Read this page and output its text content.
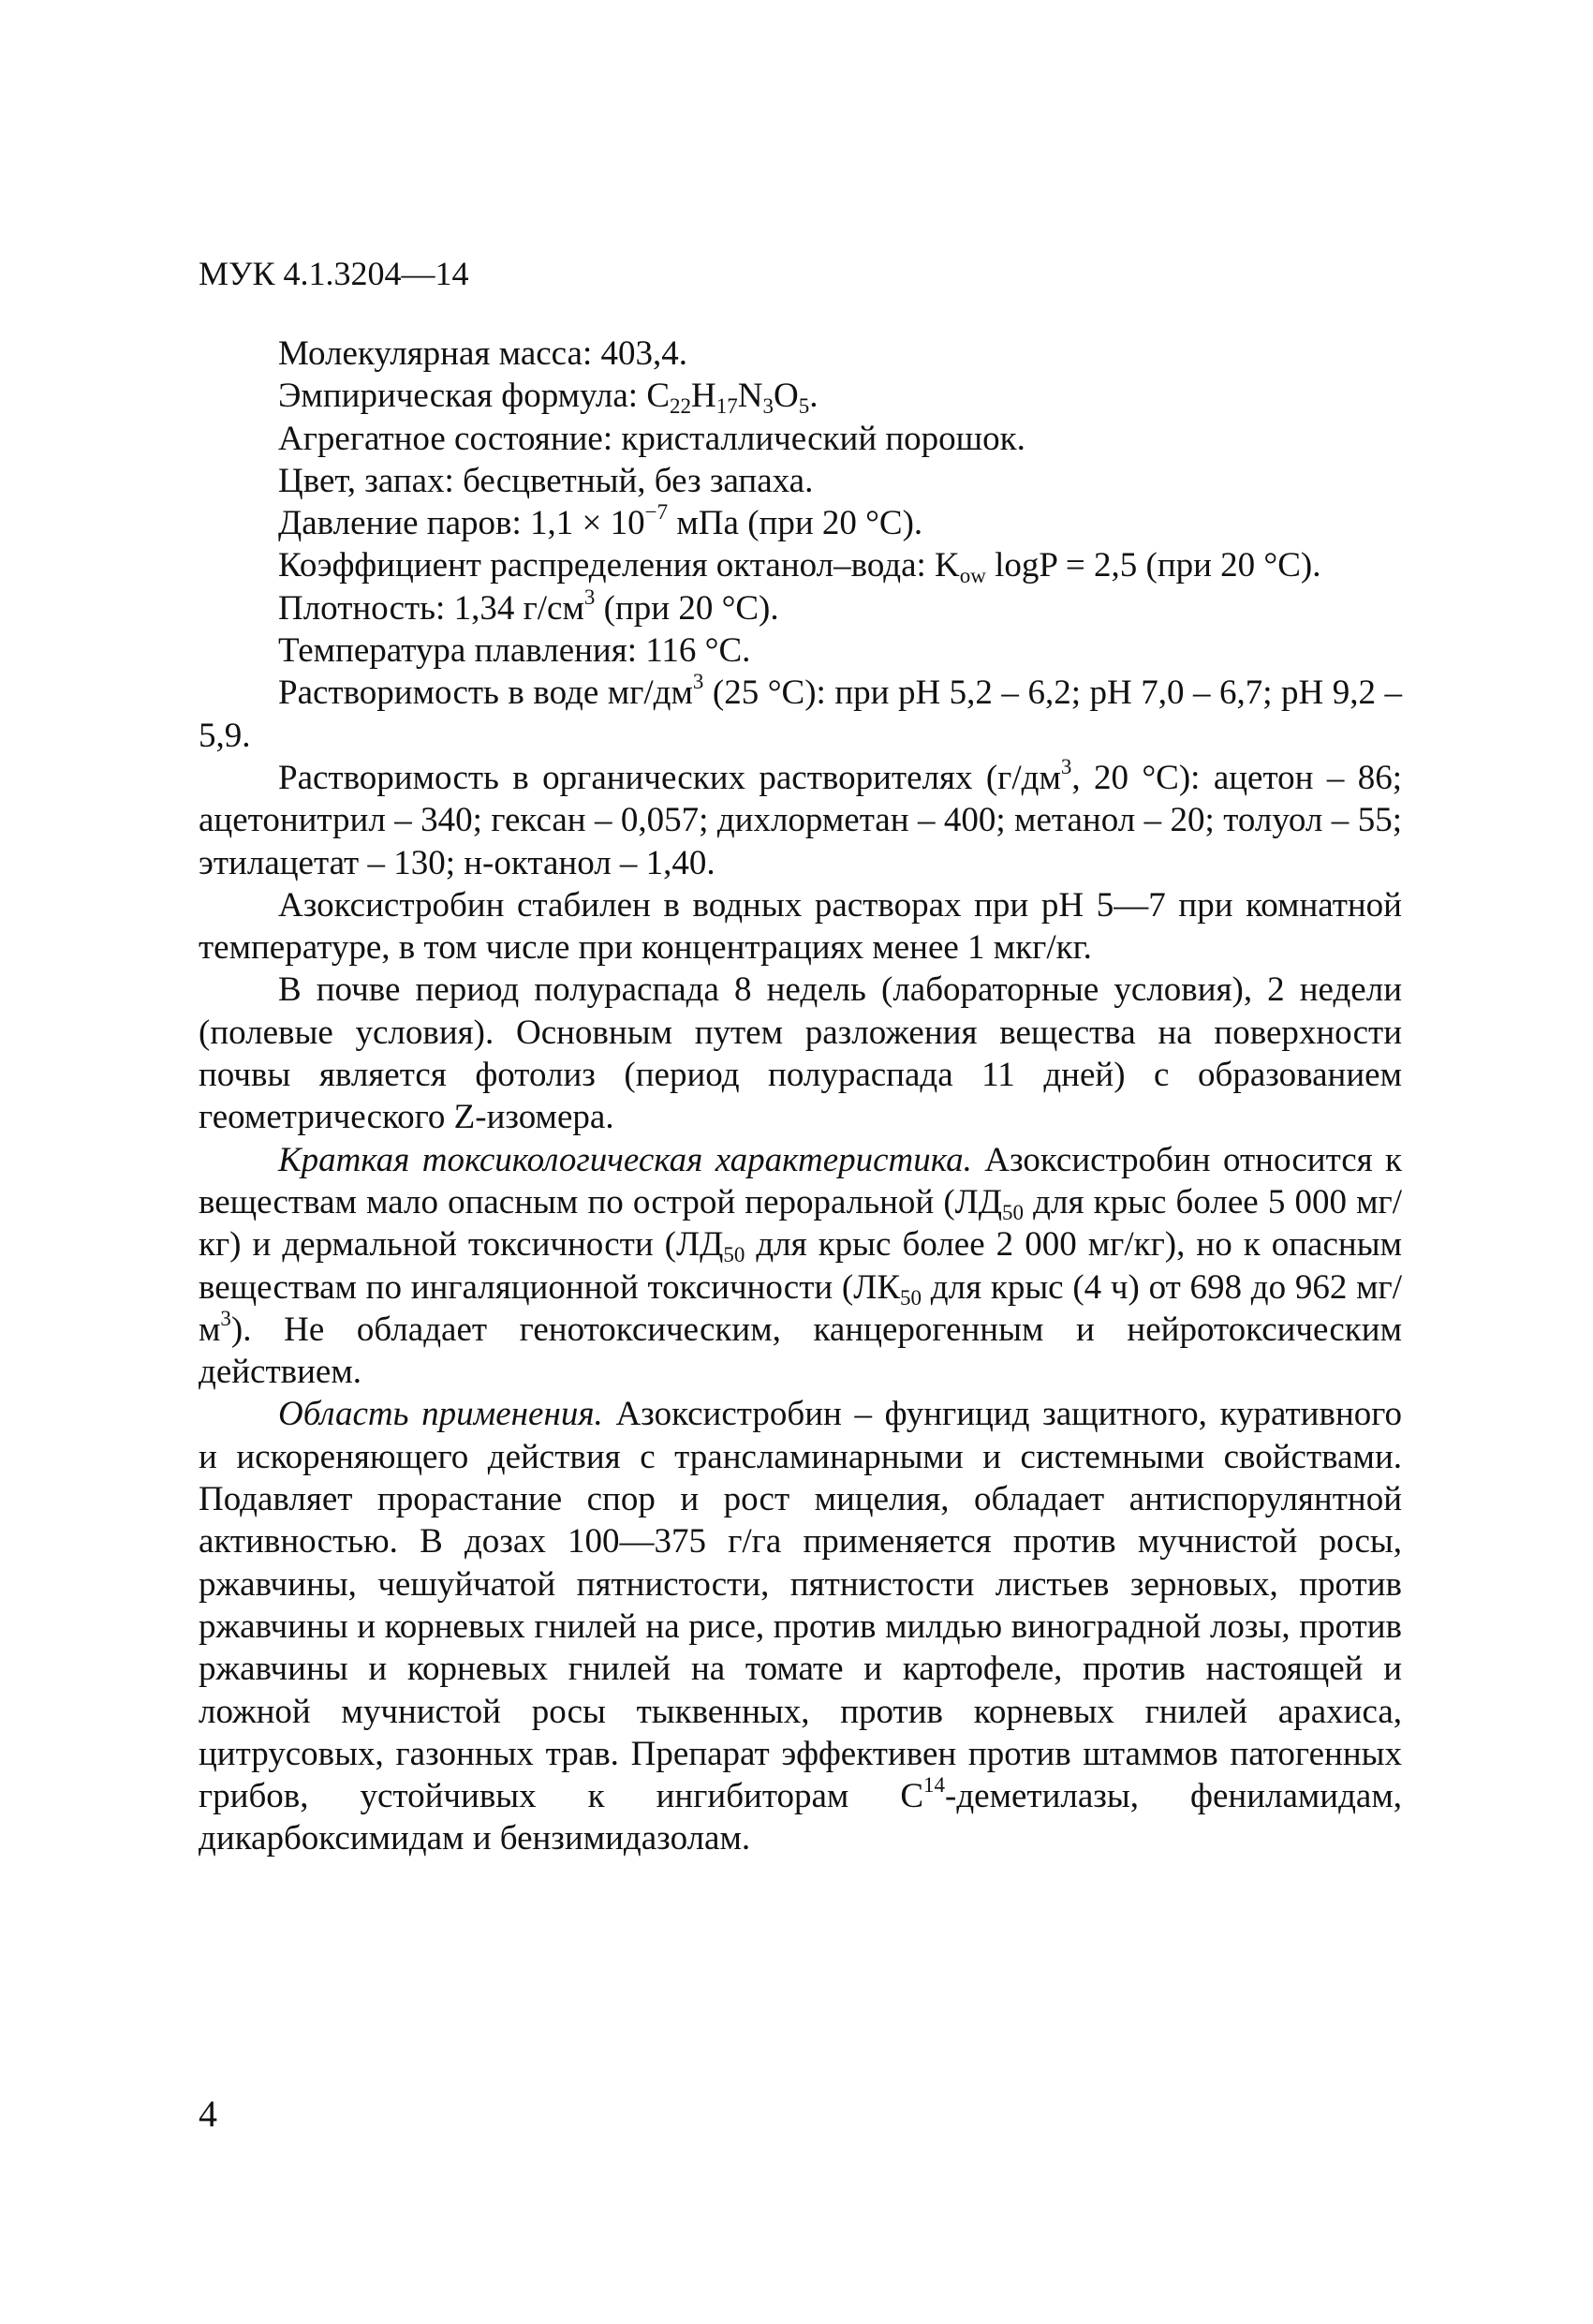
МУК 4.1.3204—14

Молекулярная масса: 403,4.

Эмпирическая формула: $C_{22}H_{17}N_3O_5$.

Агрегатное состояние: кристаллический порошок.

Цвет, запах: бесцветный, без запаха.

Давление паров: $1,1 \times 10^{-7}$ мПа (при 20 °С).

Коэффициент распределения октанол–вода: $K_{ow}$ logP = 2,5 (при 20 °С).

Плотность: 1,34 $г/см^3$ (при 20 °С).

Температура плавления: 116 °С.

Растворимость в воде $мг/дм^3$ (25 °С): при рН 5,2 – 6,2; рН 7,0 – 6,7; рН 9,2 – 5,9.

Растворимость в органических растворителях ($г/дм^3$, 20 °С): ацетон – 86; ацетонитрил – 340; гексан – 0,057; дихлорметан – 400; метанол – 20; толуол – 55; этилацетат – 130; н-октанол – 1,40.

Азоксистробин стабилен в водных растворах при рН 5—7 при комнатной температуре, в том числе при концентрациях менее 1 мкг/кг.

В почве период полураспада 8 недель (лабораторные условия), 2 недели (полевые условия). Основным путем разложения вещества на поверхности почвы является фотолиз (период полураспада 11 дней) с образованием геометрического Z-изомера.

Краткая токсикологическая характеристика. Азоксистробин относится к веществам мало опасным по острой пероральной ($ЛД_{50}$ для крыс более 5 000 мг/кг) и дермальной токсичности ($ЛД_{50}$ для крыс более 2 000 мг/кг), но к опасным веществам по ингаляционной токсичности ($ЛК_{50}$ для крыс (4 ч) от 698 до 962 $мг/м^3$). Не обладает генотоксическим, канцерогенным и нейротоксическим действием.

Область применения. Азоксистробин – фунгицид защитного, куративного и искореняющего действия с трансламинарными и системными свойствами. Подавляет прорастание спор и рост мицелия, обладает антиспорулянтной активностью. В дозах 100—375 г/га применяется против мучнистой росы, ржавчины, чешуйчатой пятнистости, пятнистости листьев зерновых, против ржавчины и корневых гнилей на рисе, против милдью виноградной лозы, против ржавчины и корневых гнилей на томате и картофеле, против настоящей и ложной мучнистой росы тыквенных, против корневых гнилей арахиса, цитрусовых, газонных трав. Препарат эффективен против штаммов патогенных грибов, устойчивых к ингибиторам $C^{14}$-деметилазы, фениламидам, дикарбоксимидам и бензимидазолам.

4
